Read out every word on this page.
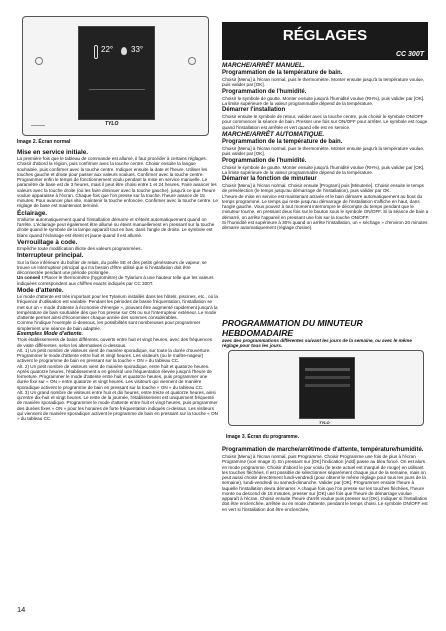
RÉGLAGES
CC 300T
22° 33°
TYLO
Image 2. Écran normal
Mise en service initiale.

La première fois que le tableau de commande est allumé, il faut procéder à certains réglages. Choisir d'abord la région, puis confirmer avec la touche centre. Choisir ensuite la langue souhaitée, puis confirmer avec la touche centre. Indiquer ensuite la date et l'heure. Utiliser les touches gauche et droite pour passer aux valeurs voulues. Confirmer avec la touche centre. Programmer enfin le temps de fonctionnement voulu pendant la mise en service manuelle. Le paramètre de base est de 3 heures, mais il peut être choisi entre 1 et 24 heures. Faire avancer les valeurs avec la touche droite (où les faire diminuer avec la touche gauche), jusqu'à ce que l'heure voulue apparaisse à l'écran. Chaque fois que l'on presse sur la touche, l'heure avance de 15 minutes. Pour avancer plus vite, maintenir la touche enfoncée. Confirmer avec la touche centre. Le réglage de base est maintenant terminé.

Éclairage.

S'allume automatiquement quand l'installation démarre et s'éteint automatiquement quand on l'arrête. L'éclairage peut également être allumé ou éteint manuellement en pressant sur la touche droite quand le symbole de la lampe apparaît tout en bas, dans l'angle de droite. Le symbole est blanc quand l'éclairage est éteint et jaune quand il est allumé.

Verrouillage à code.

Empêche toute modification illicite des valeurs programmées.

Interrupteur principal.

Sur la face inférieure du boîtier de relais, du poêle SE et des petits générateurs de vapeur, se trouve un interrupteur principal qui n'a besoin d'être utilisé que si l'installation doit être déconnectée pendant une période prolongée.

Un conseil ! Placer le thermomètre (hygromètre) de Tylarium à une hauteur telle que les valeurs indiquées correspondent aux chiffres exacts indiqués par CC 300T.

Mode d'attente.

Le mode d'attente est très important pour les Tylarium installés dans les hôtels, piscines, etc., où la fréquence d'utilisation est variable. Pendant les périodes de basse fréquentation, l'installation se met sur un « mode d'attente à économie d'énergie », pouvant être augmenté rapidement jusqu'à la température de bain souhaitée dès que l'on presse sur ON ou sur l'interrupteur extérieur. Le mode d'attente permet ainsi d'économiser chaque année des sommes considérables.

Comme l'indique l'exemple ci-dessous, les possibilités sont nombreuses pour programmer simplement une séance de bain adaptée.

Exemples Mode d'attente.

Trois établissements de bains différents, ouverts entre huit et vingt heures, avec des fréquences de visite différentes, selon les alternatives ci-dessous.

Alt. 1) Un petit nombre de visiteurs vient de manière sporadique, sur toute la durée d'ouverture. Programmer le mode d'attente entre huit et vingt heures. Les visiteurs (ou le maître-nageur) activent le programme de bain en pressant sur la touche « ON » du tableau CC.

Alt. 2) Un petit nombre de visiteurs vient de manière sporadique, entre huit et quatorze heures. Après quatorze heures, l'établissement a en général une fréquentation élevée jusqu'à l'heure de fermeture. Programmer le mode d'attente entre huit et quatorze heures, puis programmer une durée fixe sur « ON » entre quatorze et vingt heures. Les visiteurs qui viennent de manière sporadique activent le programme de bain en pressant sur la touche « ON » du tableau CC.

Alt. 3) Un grand nombre de visiteurs entre huit et dix heures, entre treize et quatorze heures, ainsi qu'entre dix-huit et vingt heures. Le reste de la journée, l'établissement est uniquement fréquenté de manière sporadique. Programmer le mode d'attente entre huit et vingt heures, puis programmer des durées fixes « ON » pour les horaires de forte fréquentation indiqués ci-dessus. Les visiteurs qui viennent de manière sporadique activent le programme de bain en pressant sur la touche « ON » du tableau CC.

MARCHE/ARRÊT MANUEL.
Programmation de la température de bain.

Choisir [Menu] à l'écran normal, puis le thermomètre. Monter ensuite jusqu'à la température voulue, puis valider par [OK].

Programmation de l'humidité.

Choisir le symbole de goutte. Monter ensuite jusqu'à l'humidité voulue (RH%), puis valider par [OK]. La limite supérieure de la valeur programmable dépend de la température.

Démarrer l'installation

Choisir ensuite le symbole de retour, valider avec la touche centre, puis choisir le symbole ON/OFF pour commencer la séance de bain. Presser une fois sur ON/OFF pour arrêter. Le symbole est rouge quand l'installation est arrêtée et vert quand elle est en service.

MARCHE/ARRÊT AUTOMATIQUE.
Programmation de la température de bain.

Choisir [Menu] à l'écran normal, puis le thermomètre. Monter ensuite jusqu'à la température voulue, puis valider par [OK].

Programmation de l'humidité.

Choisir le symbole de goutte. Monter ensuite jusqu'à l'humidité voulue (RH%), puis valider par [OK]. La limite supérieure de la valeur programmable dépend de la température.

Démarrer la fonction de minuteur

Choisir [Menu] à l'écran normal. Choisir ensuite [Program] puis [Minuterie]. Choisir ensuite le temps de présélection (le temps jusqu'au démarrage de l'installation), puis valider par OK.

L'heure de mise en service est maintenant activée et le bain démarre automatiquement au bout du temps programmé. Le temps qui reste jusqu'au démarrage de l'installation s'affiche en haut, dans l'angle gauche. Vous pouvez à tout moment interrompre le décompte du temps pendant que le minuteur tourne, en pressant deux fois sur le bouton sous le symbole ON/OFF. Si la séance de bain a démarré, on arrête l'appareil en pressant une fois sur la touche ON/OFF.

Si l'humidité est supérieure à 30% quand on arrête l'installation, un « séchage » d'environ 20 minutes démarre automatiquement (réglage d'usine).

PROGRAMMATION DU MINUTEUR HEBDOMADAIRE
avec des programmations différentes suivant les jours de la semaine, ou avec le même réglage pour tous les jours.
TYLO
Image 3. Écran du programme.
Programmation de marche/arrêt/mode d'attente, température/humidité.

Choisir [Menu] à l'écran normal, puis Programme. Choisir Programme une fois de plus à l'écran Programme (voir Image 3). En pressant sur [OK] l'indication [Add] passe au bleu foncé. On est alors en mode programme. Choisir d'abord le jour voulu (le texte actuel est marqué de rouge) en utilisant les touches fléchées. Il est possible de sélectionner séparément chaque jour de la semaine, mais on peut aussi choisir directement lundi-vendredi (pour obtenir le même réglage pour tous les jours de la semaine), lundi-vendredi ou samedi-dimanche. Valider par [OK]. Programmer ensuite l'heure à laquelle l'installation devra démarrer. A chaque fois que l'on presse sur les touches fléchées, l'heure monte ou descend de 15 minutes, presser sur [OK] une fois que l'heure de démarrage voulue apparaît à l'écran. Choisir ensuite l'heure d'arrêt voulue puis presser sur [OK]. Indiquer si l'installation doit être enclenchée, arrêtée ou en mode d'attente, pendant le temps choisi. Le symbole ON/OFF est en vert si l'installation doit être enclenchée,

14
